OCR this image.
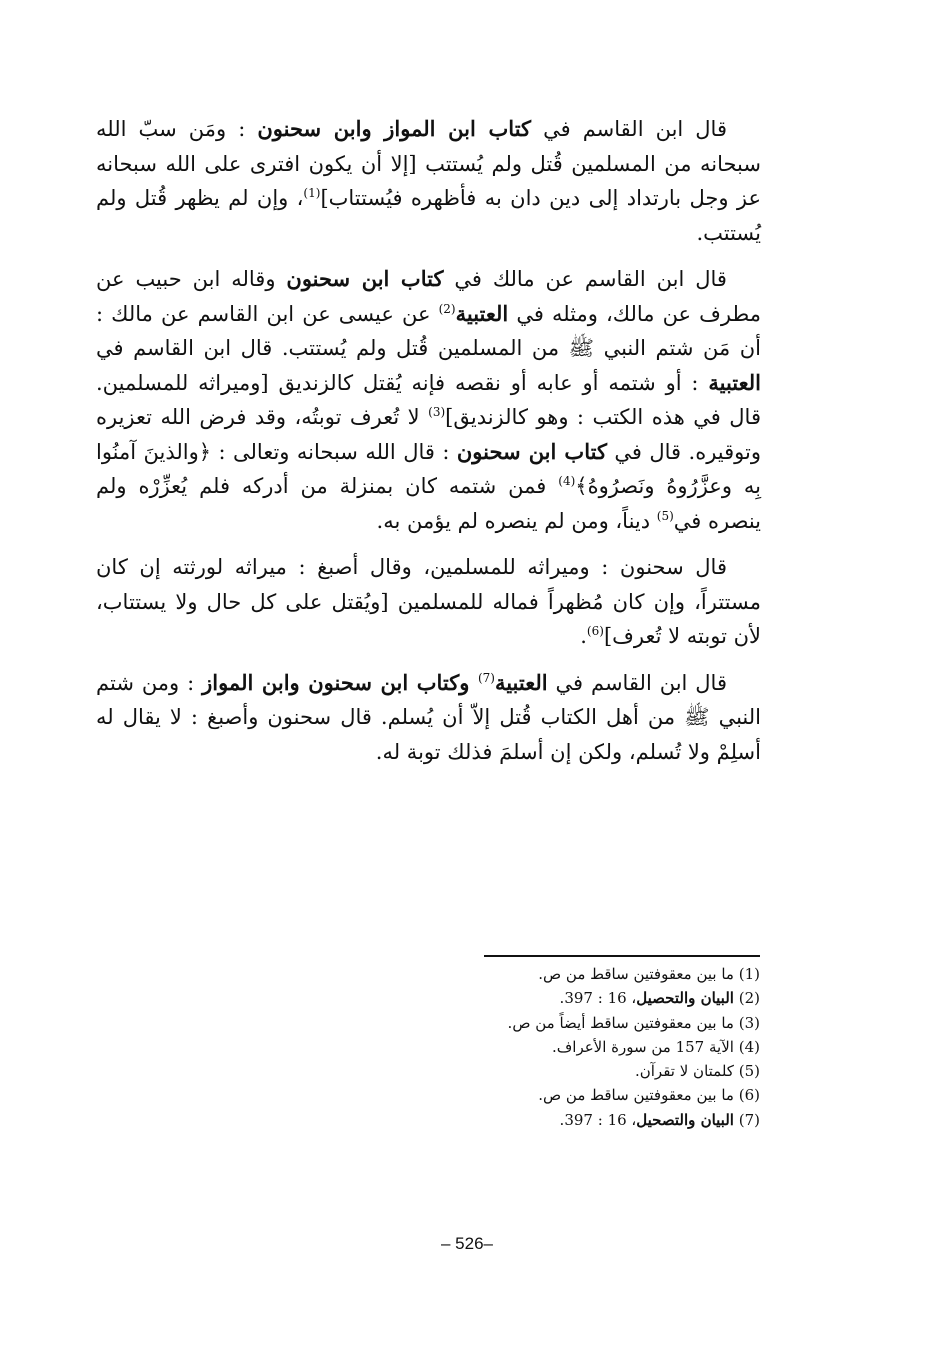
قال ابن القاسم في كتاب ابن المواز وابن سحنون : ومَن سبّ الله سبحانه من المسلمين قُتل ولم يُستتب [إلا أن يكون افترى على الله سبحانه عز وجل بارتداد إلى دين دان به فأظهره فيُستتاب]$^{(1)}$، وإن لم يظهر قُتل ولم يُستتب.

قال ابن القاسم عن مالك في كتاب ابن سحنون وقاله ابن حبيب عن مطرف عن مالك، ومثله في العتبية$^{(2)}$ عن عيسى عن ابن القاسم عن مالك : أن مَن شتم النبي ﷺ من المسلمين قُتل ولم يُستتب. قال ابن القاسم في العتبية : أو شتمه أو عابه أو نقصه فإنه يُقتل كالزنديق [وميراثه للمسلمين. قال في هذه الكتب : وهو كالزنديق]$^{(3)}$ لا تُعرف توبتُه، وقد فرض الله تعزيره وتوقيره. قال في كتاب ابن سحنون : قال الله سبحانه وتعالى : ﴿والذينَ آمنُوا بِه وعزَّرُوهُ ونَصرُوهُ﴾$^{(4)}$ فمن شتمه كان بمنزلة من أدركه فلم يُعزِّرْه ولم ينصره في$^{(5)}$ ديناً، ومن لم ينصره لم يؤمن به.

قال سحنون : وميراثه للمسلمين، وقال أصبغ : ميراثه لورثته إن كان مستتراً، وإن كان مُظهراً فماله للمسلمين [ويُقتل على كل حال ولا يستتاب، لأن توبته لا تُعرف]$^{(6)}$.

قال ابن القاسم في العتبية$^{(7)}$ وكتاب ابن سحنون وابن المواز : ومن شتم النبي ﷺ من أهل الكتاب قُتل إلاّ أن يُسلم. قال سحنون وأصبغ : لا يقال له أسلِمْ ولا تُسلم، ولكن إن أسلمَ فذلك توبة له.

(1) ما بين معقوفتين ساقط من ص.
(2) البيان والتحصيل، 16 : 397.
(3) ما بين معقوفتين ساقط أيضاً من ص.
(4) الآية 157 من سورة الأعراف.
(5) كلمتان لا تقرآن.
(6) ما بين معقوفتين ساقط من ص.
(7) البيان والتصحيل، 16 : 397.
– 526–
